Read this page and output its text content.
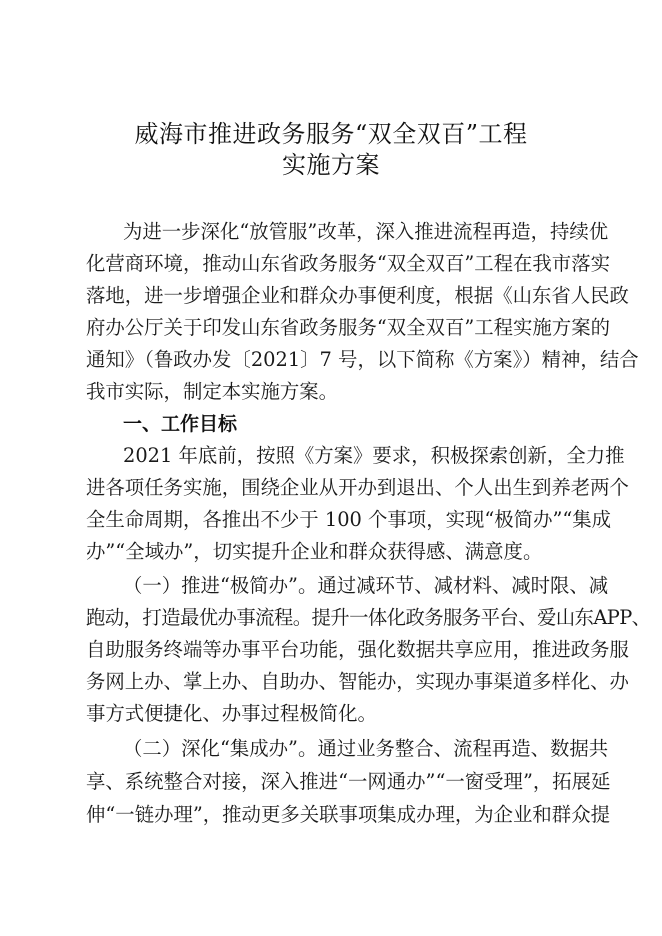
威海市推进政务服务“双全双百”工程
实施方案
为进一步深化“放管服”改革，深入推进流程再造，持续优
化营商环境，推动山东省政务服务“双全双百”工程在我市落实
落地，进一步增强企业和群众办事便利度，根据《山东省人民政
府办公厅关于印发山东省政务服务“双全双百”工程实施方案的
通知》（鲁政办发〔2021〕7 号，以下简称《方案》）精神，结合
我市实际，制定本实施方案。
一、工作目标
2021 年底前，按照《方案》要求，积极探索创新，全力推
进各项任务实施，围绕企业从开办到退出、个人出生到养老两个
全生命周期，各推出不少于 100 个事项，实现“极简办”“集成
办”“全域办”，切实提升企业和群众获得感、满意度。
（一）推进“极简办”。通过减环节、减材料、减时限、减
跑动，打造最优办事流程。提升一体化政务服务平台、爱山东APP、
自助服务终端等办事平台功能，强化数据共享应用，推进政务服
务网上办、掌上办、自助办、智能办，实现办事渠道多样化、办
事方式便捷化、办事过程极简化。
（二）深化“集成办”。通过业务整合、流程再造、数据共
享、系统整合对接，深入推进“一网通办”“一窗受理”，拓展延
伸“一链办理”，推动更多关联事项集成办理，为企业和群众提
